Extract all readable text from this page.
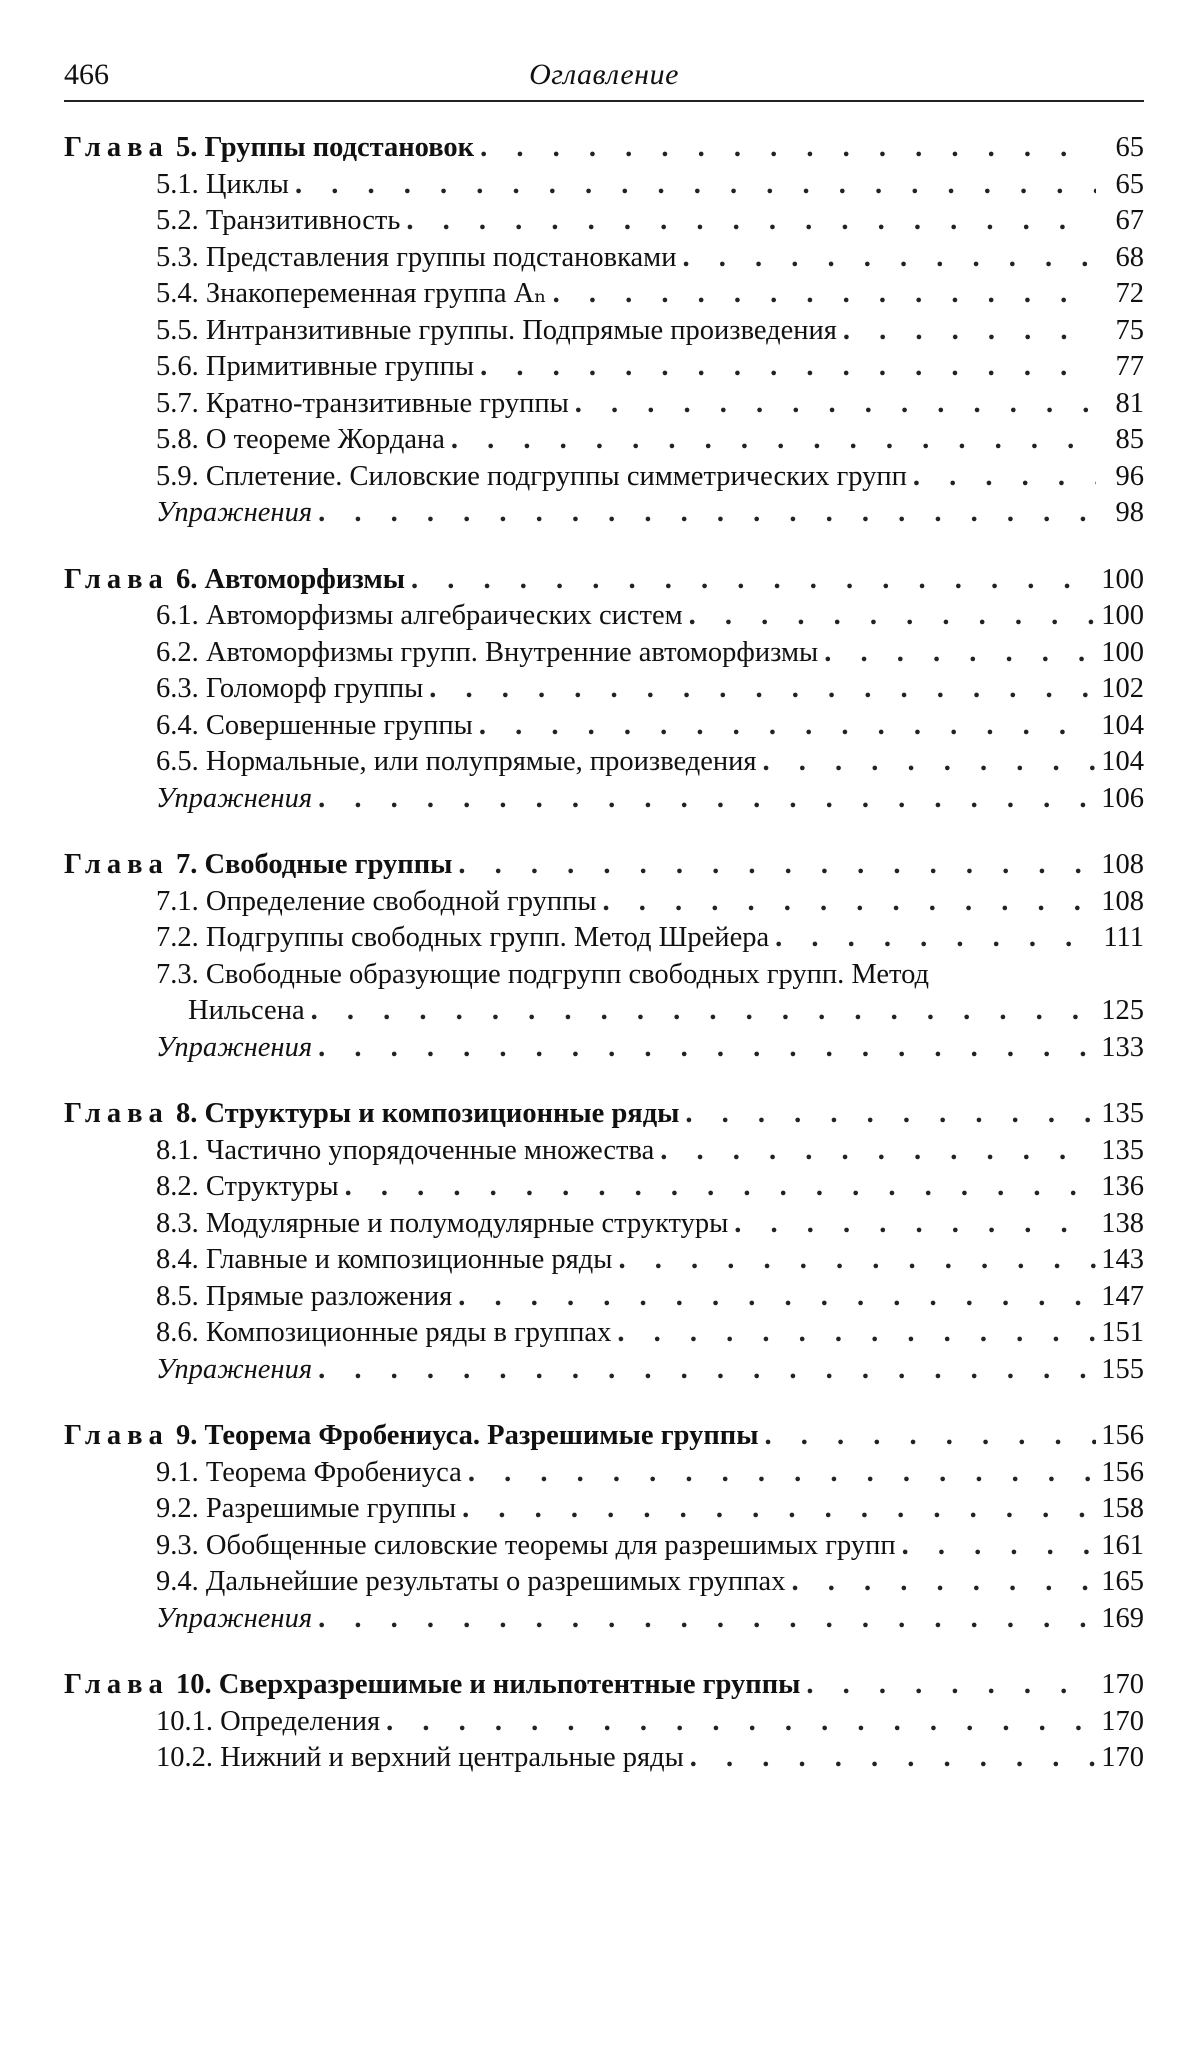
466	Оглавление
Глава 5. Группы подстановок . . .	65
5.1. Циклы . . .	65
5.2. Транзитивность . . .	67
5.3. Представления группы подстановками . . .	68
5.4. Знакопеременная группа Aₙ . . .	72
5.5. Интранзитивные группы. Подпрямые произведения . . .	75
5.6. Примитивные группы . . .	77
5.7. Кратно-транзитивные группы . . .	81
5.8. О теореме Жордана . . .	85
5.9. Сплетение. Силовские подгруппы симметрических групп . . .	96
Упражнения . . .	98
Глава 6. Автоморфизмы . . .	100
6.1. Автоморфизмы алгебраических систем . . .	100
6.2. Автоморфизмы групп. Внутренние автоморфизмы . . .	100
6.3. Голоморф группы . . .	102
6.4. Совершенные группы . . .	104
6.5. Нормальные, или полупрямые, произведения . . .	104
Упражнения . . .	106
Глава 7. Свободные группы . . .	108
7.1. Определение свободной группы . . .	108
7.2. Подгруппы свободных групп. Метод Шрейера . . .	111
7.3. Свободные образующие подгрупп свободных групп. Метод
Нильсена . . .	125
Упражнения . . .	133
Глава 8. Структуры и композиционные ряды . . .	135
8.1. Частично упорядоченные множества . . .	135
8.2. Структуры . . .	136
8.3. Модулярные и полумодулярные структуры . . .	138
8.4. Главные и композиционные ряды . . .	143
8.5. Прямые разложения . . .	147
8.6. Композиционные ряды в группах . . .	151
Упражнения . . .	155
Глава 9. Теорема Фробениуса. Разрешимые группы . . .	156
9.1. Теорема Фробениуса . . .	156
9.2. Разрешимые группы . . .	158
9.3. Обобщенные силовские теоремы для разрешимых групп . . .	161
9.4. Дальнейшие результаты о разрешимых группах . . .	165
Упражнения . . .	169
Глава 10. Сверхразрешимые и нильпотентные группы . . .	170
10.1. Определения . . .	170
10.2. Нижний и верхний центральные ряды . . .	170
